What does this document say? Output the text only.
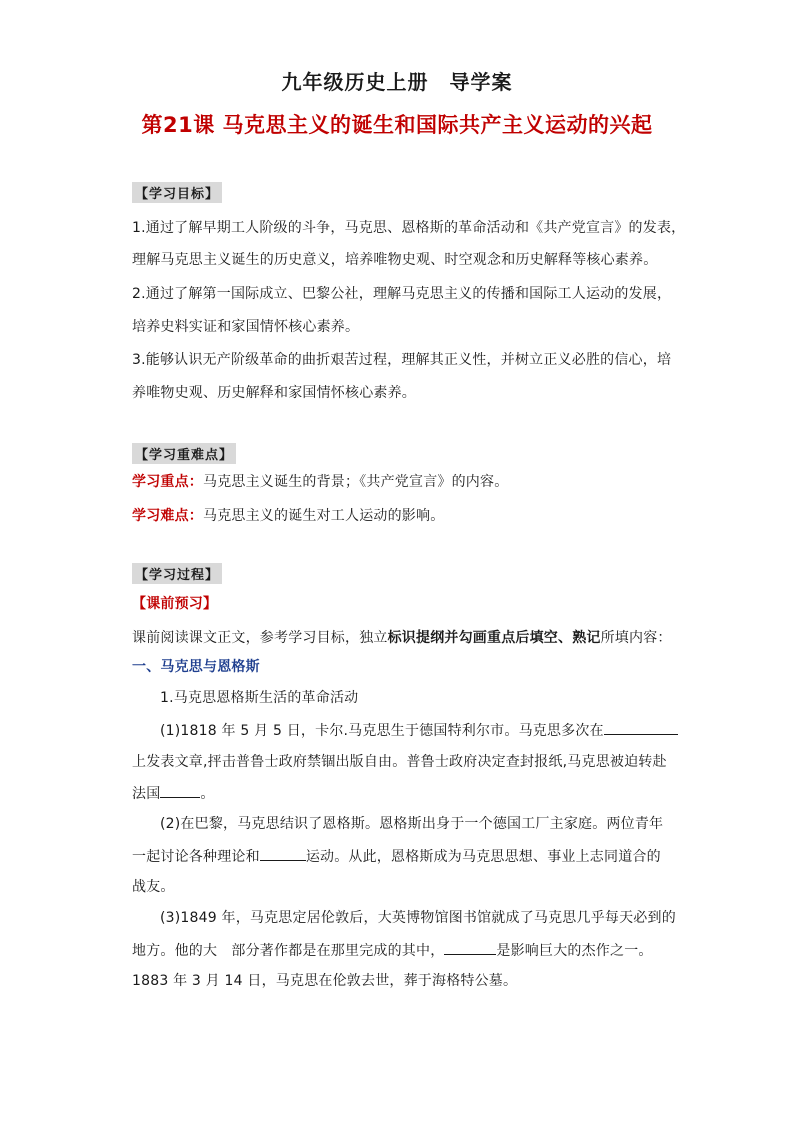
九年级历史上册　导学案
第21课 马克思主义的诞生和国际共产主义运动的兴起
【学习目标】
1.通过了解早期工人阶级的斗争，马克思、恩格斯的革命活动和《共产党宣言》的发表，
理解马克思主义诞生的历史意义，培养唯物史观、时空观念和历史解释等核心素养。
2.通过了解第一国际成立、巴黎公社，理解马克思主义的传播和国际工人运动的发展，
培养史料实证和家国情怀核心素养。
3.能够认识无产阶级革命的曲折艰苦过程，理解其正义性，并树立正义必胜的信心，培
养唯物史观、历史解释和家国情怀核心素养。
【学习重难点】
学习重点：马克思主义诞生的背景；《共产党宣言》的内容。
学习难点：马克思主义的诞生对工人运动的影响。
【学习过程】
【课前预习】
课前阅读课文正文，参考学习目标，独立标识提纲并勾画重点后填空、熟记所填内容：
一、马克思与恩格斯
1.马克思恩格斯生活的革命活动
(1)1818 年 5 月 5 日，卡尔.马克思生于德国特利尔市。马克思多次在
上发表文章,抨击普鲁士政府禁锢出版自由。普鲁士政府决定查封报纸,马克思被迫转赴
法国	。
(2)在巴黎，马克思结识了恩格斯。恩格斯出身于一个德国工厂主家庭。两位青年
一起讨论各种理论和	运动。从此，恩格斯成为马克思思想、事业上志同道合的
战友。
(3)1849 年，马克思定居伦敦后，大英博物馆图书馆就成了马克思几乎每天必到的
地方。他的大　部分著作都是在那里完成的其中，	是影响巨大的杰作之一。
1883 年 3 月 14 日，马克思在伦敦去世，葬于海格特公墓。
